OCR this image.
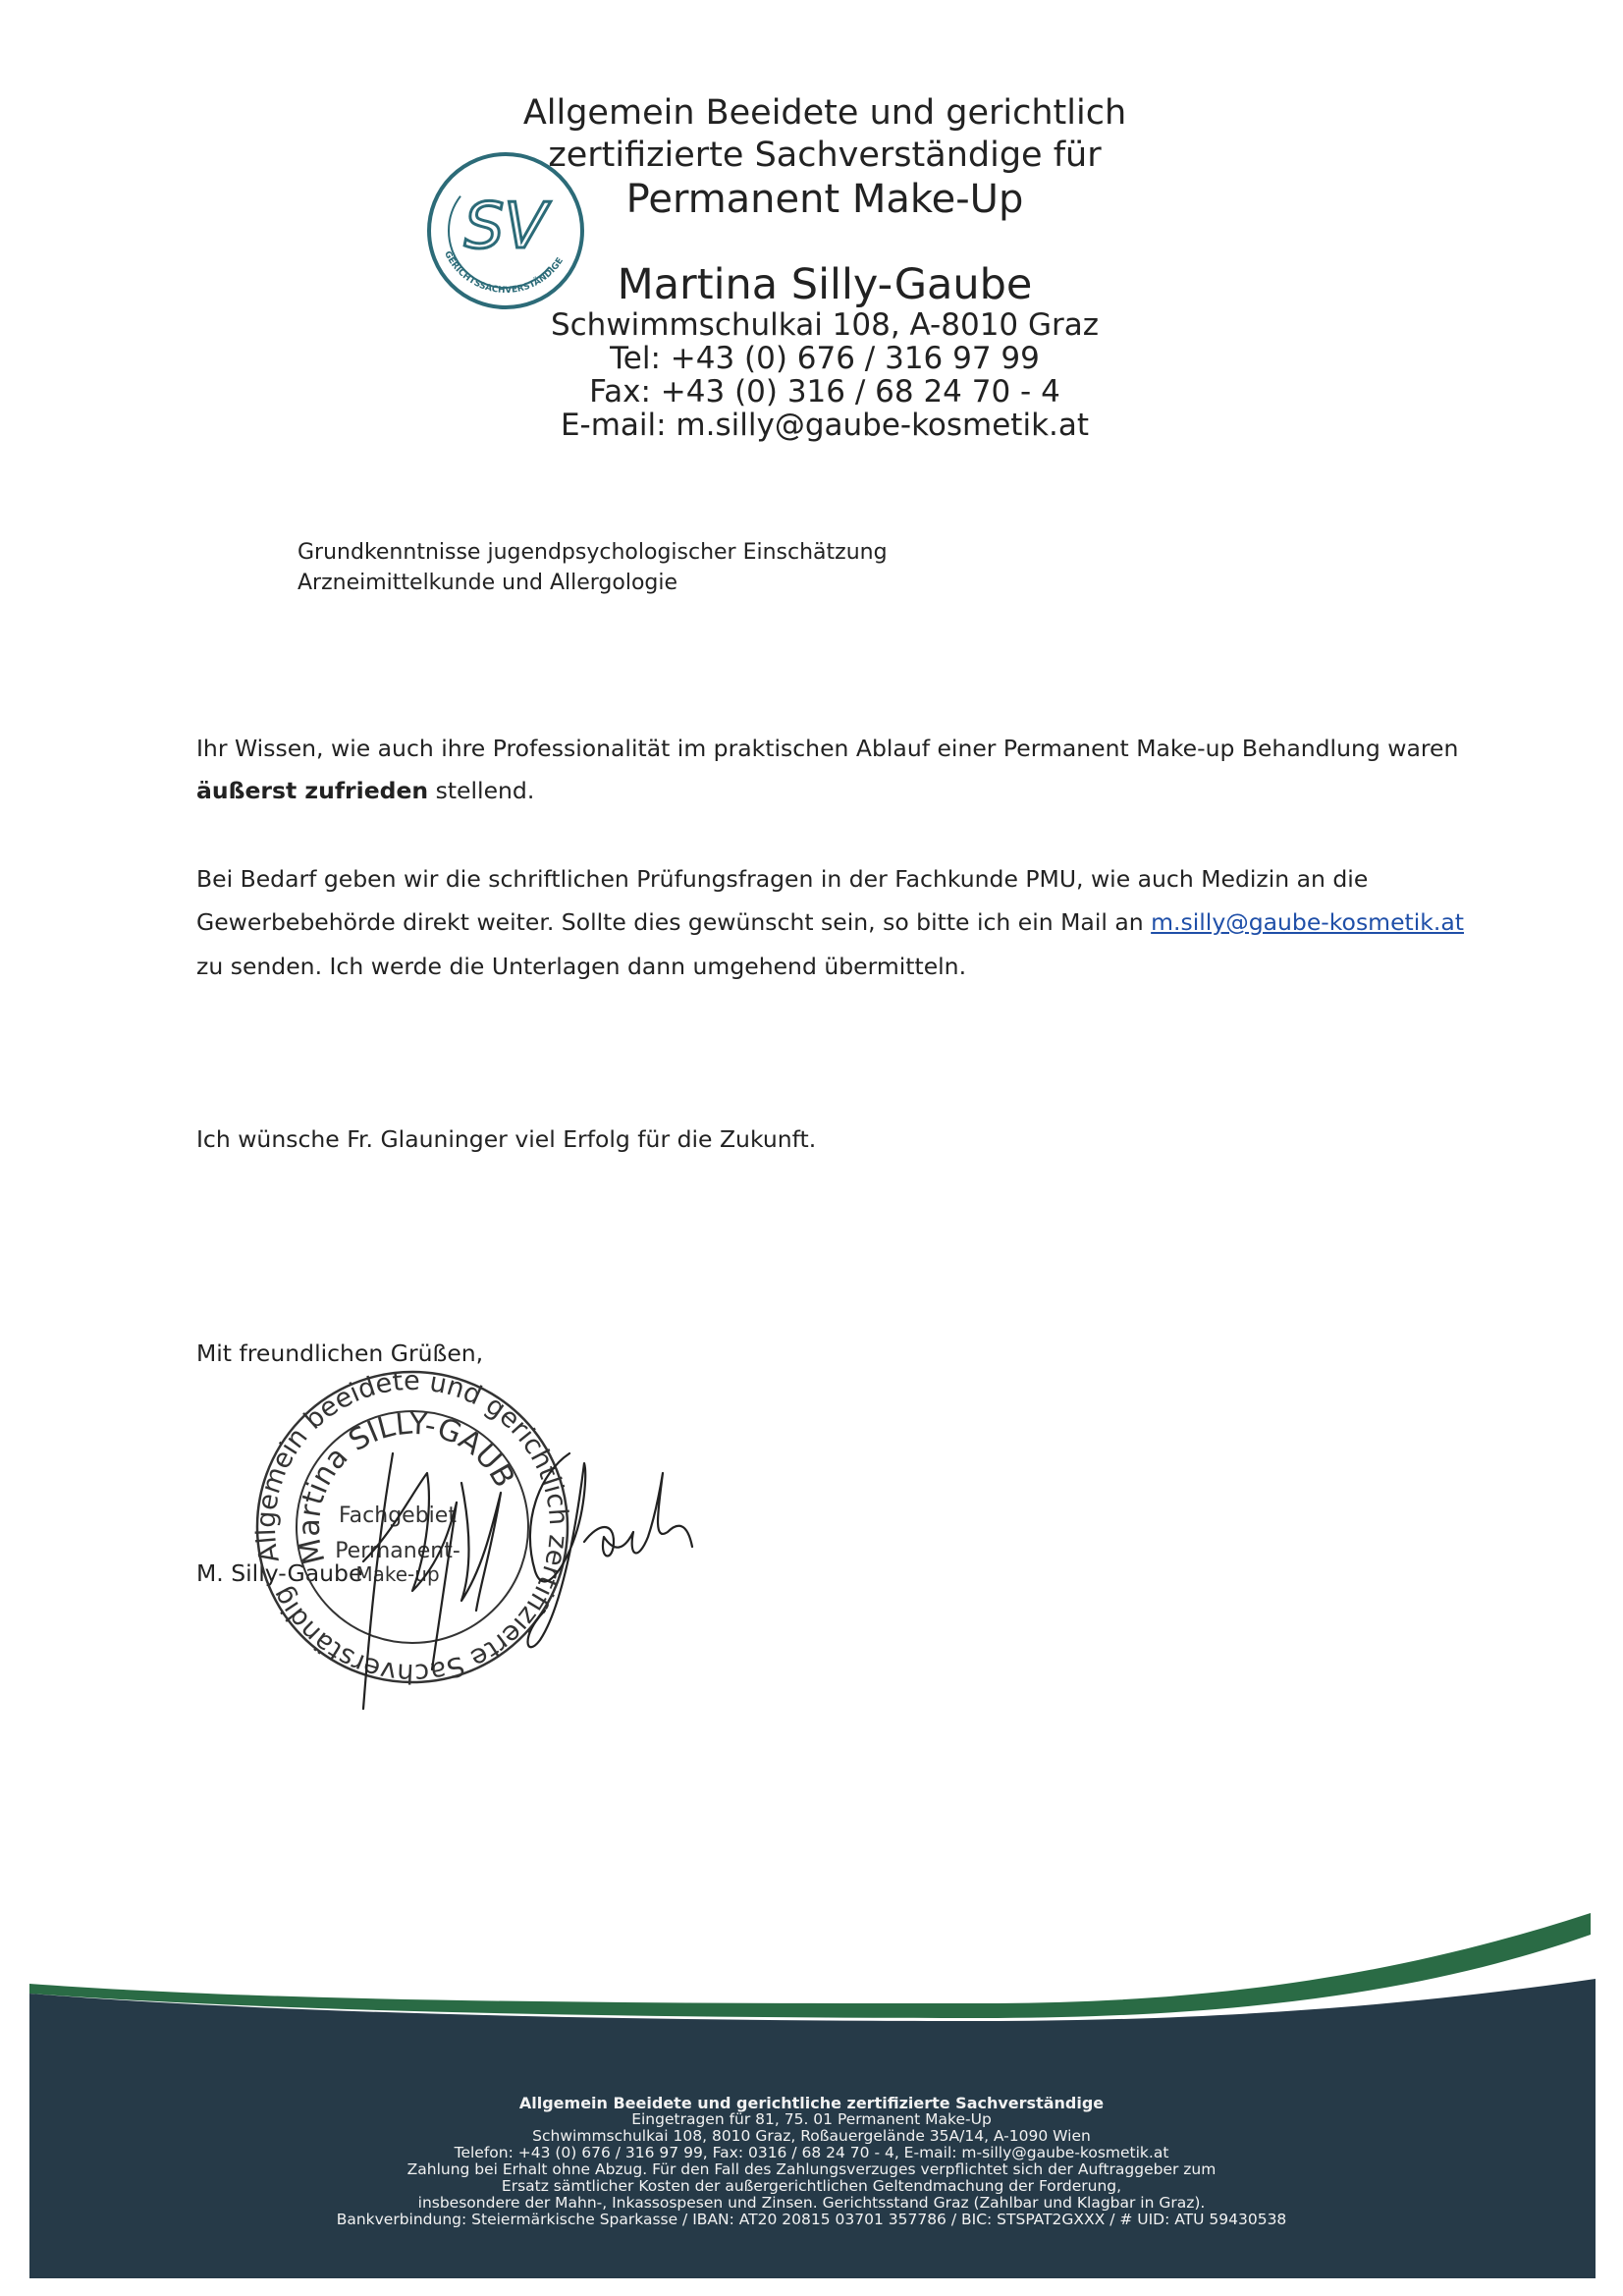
SV
GERICHTSSACHVERSTÄNDIGE
Allgemein Beeidete und gerichtlich
zertifizierte Sachverständige für
Permanent Make-Up
Martina Silly-Gaube
Schwimmschulkai 108, A-8010 Graz
Tel: +43 (0) 676 / 316 97 99
Fax: +43 (0) 316 / 68 24 70 - 4
E-mail: m.silly@gaube-kosmetik.at
Grundkenntnisse jugendpsychologischer Einschätzung
Arzneimittelkunde und Allergologie
Ihr Wissen, wie auch ihre Professionalität im praktischen Ablauf einer Permanent Make-up Behandlung waren
äußerst zufrieden stellend.
Bei Bedarf geben wir die schriftlichen Prüfungsfragen in der Fachkunde PMU, wie auch Medizin an die
Gewerbebehörde direkt weiter. Sollte dies gewünscht sein, so bitte ich ein Mail an m.silly@gaube-kosmetik.at
zu senden. Ich werde die Unterlagen dann umgehend übermitteln.
Ich wünsche Fr. Glauninger viel Erfolg für die Zukunft.
Mit freundlichen Grüßen,
M. Silly-Gaube
Allgemein beeidete und gerichtlich zertifizierte Sachverständige
Martina SILLY-GAUBE
Fachgebiet
Permanent-
Make-up
Allgemein Beeidete und gerichtliche zertifizierte Sachverständige
Eingetragen für 81, 75. 01 Permanent Make-Up
Schwimmschulkai 108, 8010 Graz, Roßauergelände 35A/14, A-1090 Wien
Telefon: +43 (0) 676 / 316 97 99, Fax: 0316 / 68 24 70 - 4, E-mail: m-silly@gaube-kosmetik.at
Zahlung bei Erhalt ohne Abzug. Für den Fall des Zahlungsverzuges verpflichtet sich der Auftraggeber zum
Ersatz sämtlicher Kosten der außergerichtlichen Geltendmachung der Forderung,
insbesondere der Mahn-, Inkassospesen und Zinsen. Gerichtsstand Graz (Zahlbar und Klagbar in Graz).
Bankverbindung: Steiermärkische Sparkasse / IBAN: AT20 20815 03701 357786 / BIC: STSPAT2GXXX / # UID: ATU 59430538
